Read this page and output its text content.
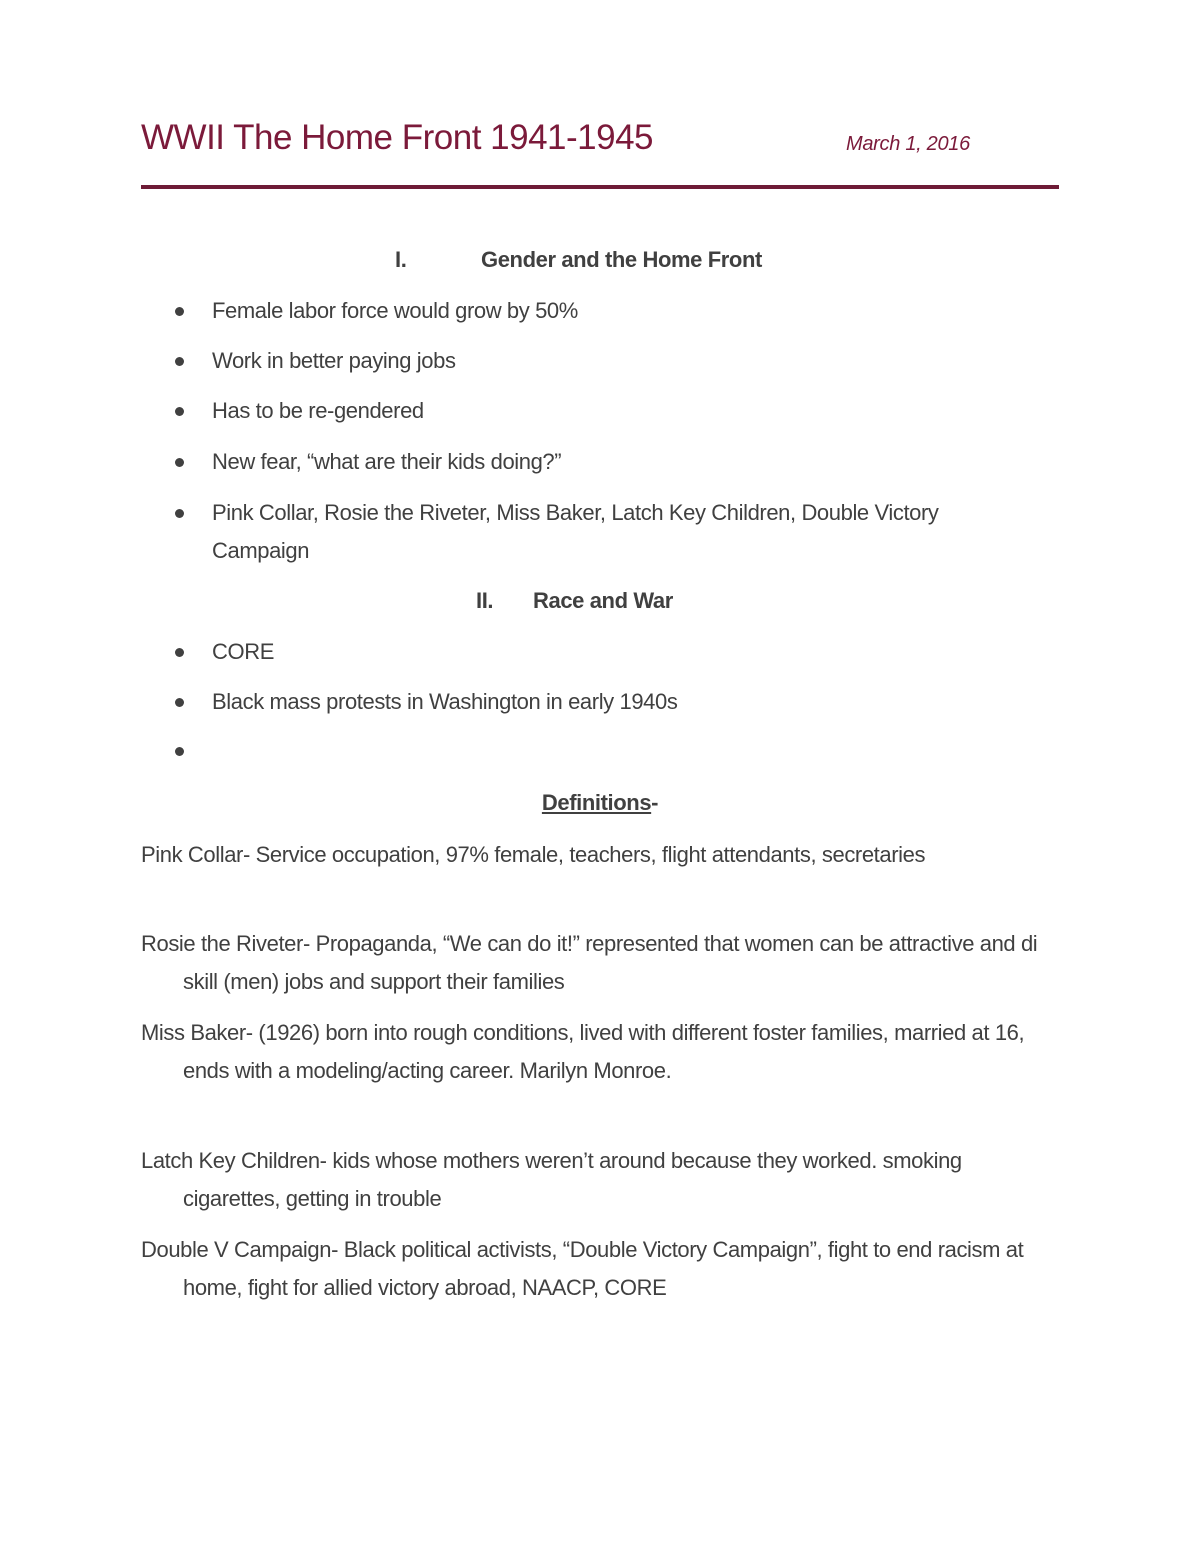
WWII The Home Front 1941-1945	March 1, 2016
I.	Gender and the Home Front
Female labor force would grow by 50%
Work in better paying jobs
Has to be re-gendered
New fear, “what are their kids doing?”
Pink Collar, Rosie the Riveter, Miss Baker, Latch Key Children, Double Victory Campaign
II. Race and War
CORE
Black mass protests in Washington in early 1940s
Definitions-
Pink Collar- Service occupation, 97% female, teachers, flight attendants, secretaries
Rosie the Riveter- Propaganda, “We can do it!” represented that women can be attractive and di skill (men) jobs and support their families
Miss Baker- (1926) born into rough conditions, lived with different foster families, married at 16, ends with a modeling/acting career. Marilyn Monroe.
Latch Key Children- kids whose mothers weren’t around because they worked. smoking cigarettes, getting in trouble
Double V Campaign- Black political activists, “Double Victory Campaign”, fight to end racism at home, fight for allied victory abroad, NAACP, CORE
